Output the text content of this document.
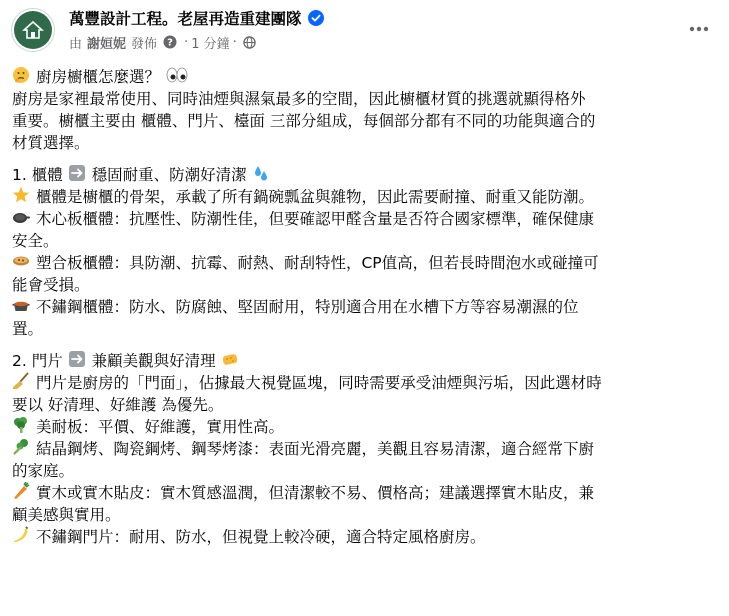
萬豐設計工程。老屋再造重建團隊
由 謝姮妮 發佈 ? · 1 分鐘 ·
廚房櫥櫃怎麼選？
廚房是家裡最常使用、同時油煙與濕氣最多的空間，因此櫥櫃材質的挑選就顯得格外
重要。櫥櫃主要由 櫃體、門片、檯面 三部分組成，每個部分都有不同的功能與適合的
材質選擇。
1. 櫃體 穩固耐重、防潮好清潔
櫃體是櫥櫃的骨架，承載了所有鍋碗瓢盆與雜物，因此需要耐撞、耐重又能防潮。
木心板櫃體：抗壓性、防潮性佳，但要確認甲醛含量是否符合國家標準，確保健康
安全。
塑合板櫃體：具防潮、抗霉、耐熱、耐刮特性，CP值高，但若長時間泡水或碰撞可
能會受損。
不鏽鋼櫃體：防水、防腐蝕、堅固耐用，特別適合用在水槽下方等容易潮濕的位
置。
2. 門片 兼顧美觀與好清理
門片是廚房的「門面」，佔據最大視覺區塊，同時需要承受油煙與污垢，因此選材時
要以 好清理、好維護 為優先。
美耐板：平價、好維護，實用性高。
結晶鋼烤、陶瓷鋼烤、鋼琴烤漆：表面光滑亮麗，美觀且容易清潔，適合經常下廚
的家庭。
實木或實木貼皮：實木質感溫潤，但清潔較不易、價格高；建議選擇實木貼皮，兼
顧美感與實用。
不鏽鋼門片：耐用、防水，但視覺上較冷硬，適合特定風格廚房。
